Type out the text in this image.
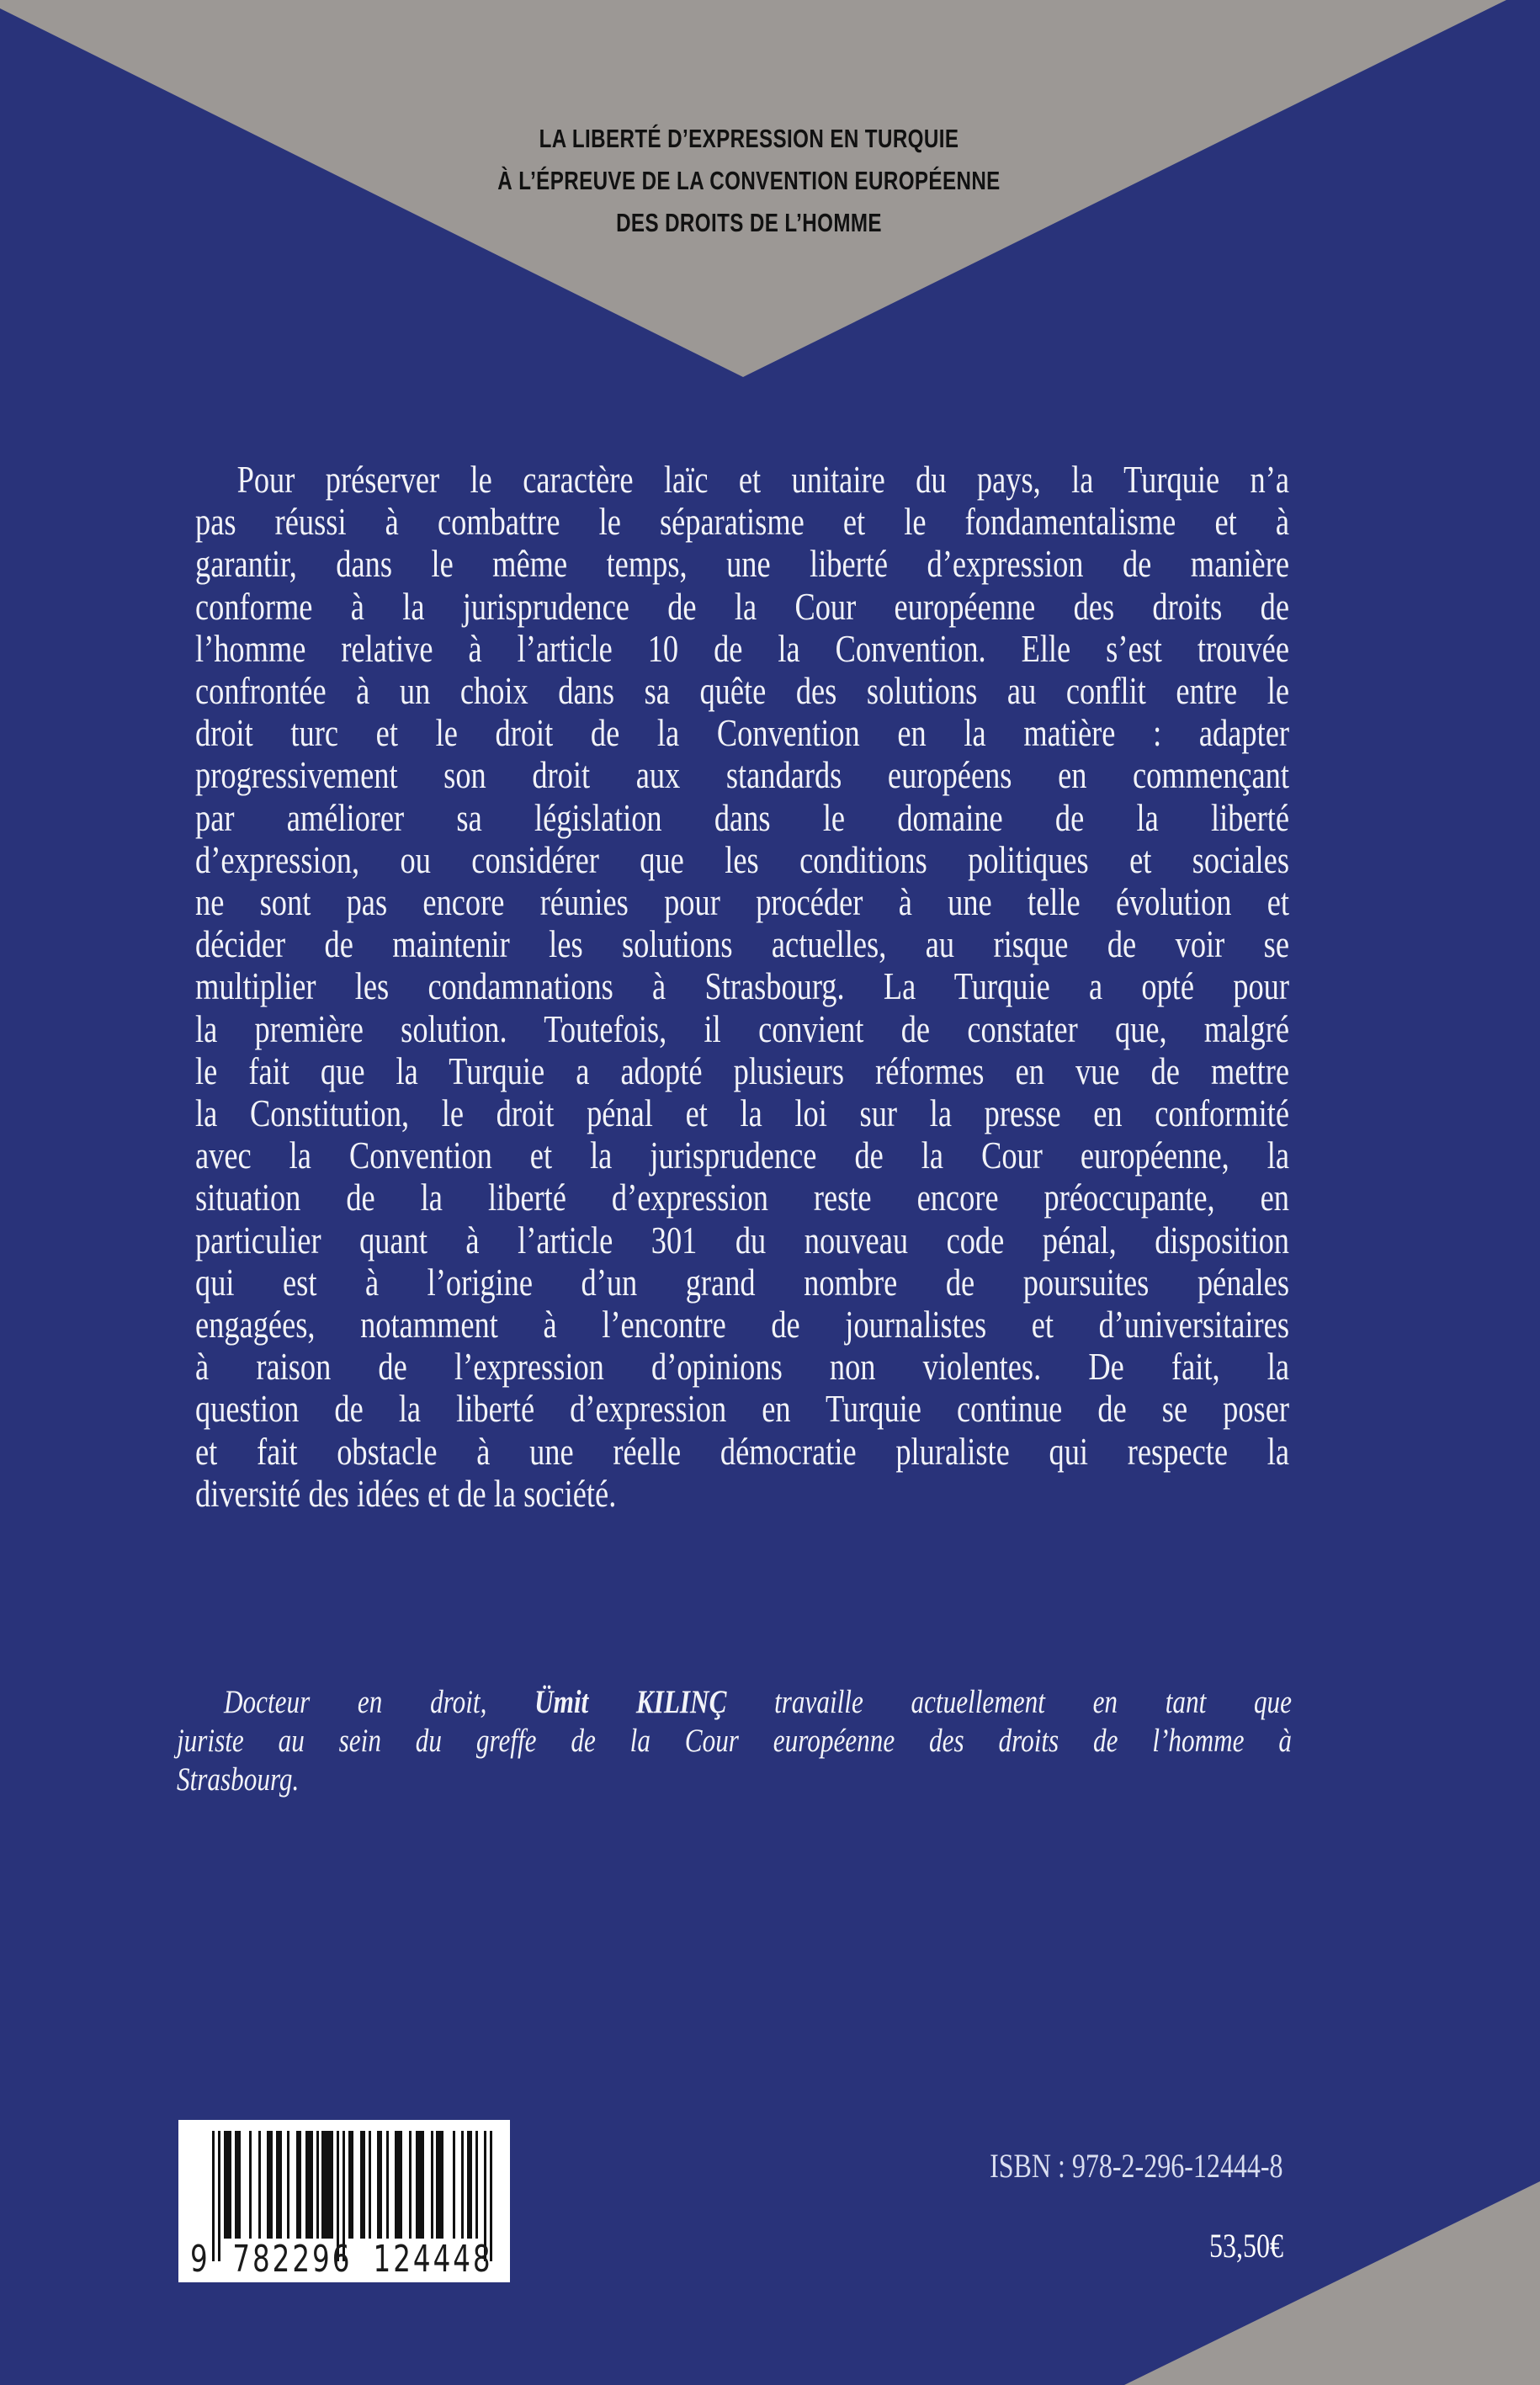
LA LIBERTÉ D’EXPRESSION EN TURQUIE
À L’ÉPREUVE DE LA CONVENTION EUROPÉENNE
DES DROITS DE L’HOMME
Pour préserver le caractère laïc et unitaire du pays, la Turquie n’a
pas réussi à combattre le séparatisme et le fondamentalisme et à
garantir, dans le même temps, une liberté d’expression de manière
conforme à la jurisprudence de la Cour européenne des droits de
l’homme relative à l’article 10 de la Convention. Elle s’est trouvée
confrontée à un choix dans sa quête des solutions au conflit entre le
droit turc et le droit de la Convention en la matière : adapter
progressivement son droit aux standards européens en commençant
par améliorer sa législation dans le domaine de la liberté
d’expression, ou considérer que les conditions politiques et sociales
ne sont pas encore réunies pour procéder à une telle évolution et
décider de maintenir les solutions actuelles, au risque de voir se
multiplier les condamnations à Strasbourg. La Turquie a opté pour
la première solution. Toutefois, il convient de constater que, malgré
le fait que la Turquie a adopté plusieurs réformes en vue de mettre
la Constitution, le droit pénal et la loi sur la presse en conformité
avec la Convention et la jurisprudence de la Cour européenne, la
situation de la liberté d’expression reste encore préoccupante, en
particulier quant à l’article 301 du nouveau code pénal, disposition
qui est à l’origine d’un grand nombre de poursuites pénales
engagées, notamment à l’encontre de journalistes et d’universitaires
à raison de l’expression d’opinions non violentes. De fait, la
question de la liberté d’expression en Turquie continue de se poser
et fait obstacle à une réelle démocratie pluraliste qui respecte la
diversité des idées et de la société.
Docteur en droit, Ümit KILINÇ travaille actuellement en tant que
juriste au sein du greffe de la Cour européenne des droits de l’homme à
Strasbourg.
9 782296 124448
ISBN : 978-2-296-12444-8
53,50€
